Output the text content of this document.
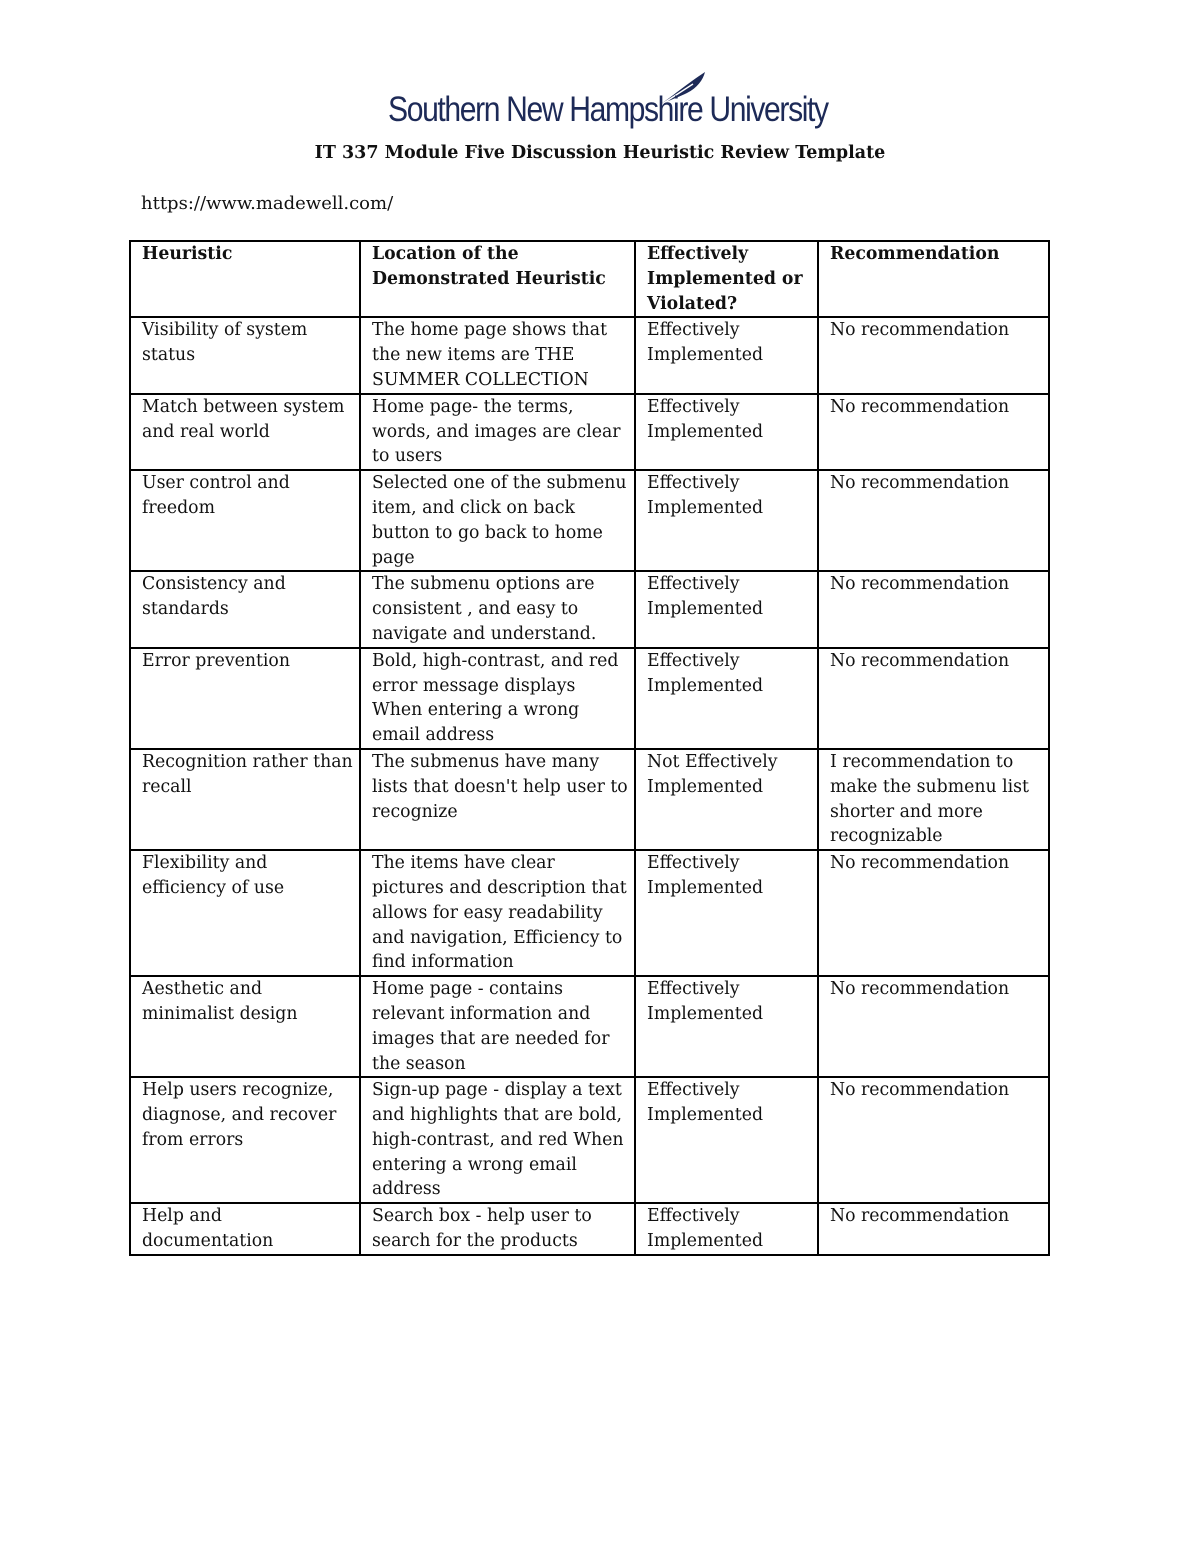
Southern New Hampshire University
IT 337 Module Five Discussion Heuristic Review Template
https://www.madewell.com/
Heuristic	Location of the Demonstrated Heuristic	Effectively Implemented or Violated?	Recommendation
Visibility of system status	The home page shows that the new items are THE SUMMER COLLECTION	Effectively Implemented	No recommendation
Match between system and real world	Home page- the terms, words, and images are clear to users	Effectively Implemented	No recommendation
User control and freedom	Selected one of the submenu item, and click on back button to go back to home page	Effectively Implemented	No recommendation
Consistency and standards	The submenu options are consistent , and easy to navigate and understand.	Effectively Implemented	No recommendation
Error prevention	Bold, high-contrast, and red error message displays When entering a wrong email address	Effectively Implemented	No recommendation
Recognition rather than recall	The submenus have many lists that doesn't help user to recognize	Not Effectively Implemented	I recommendation to make the submenu list shorter and more recognizable
Flexibility and efficiency of use	The items have clear pictures and description that allows for easy readability and navigation, Efficiency to find information	Effectively Implemented	No recommendation
Aesthetic and minimalist design	Home page - contains relevant information and images that are needed for the season	Effectively Implemented	No recommendation
Help users recognize, diagnose, and recover from errors	Sign-up page - display a text and highlights that are bold, high-contrast, and red When entering a wrong email address	Effectively Implemented	No recommendation
Help and documentation	Search box - help user to search for the products	Effectively Implemented	No recommendation
